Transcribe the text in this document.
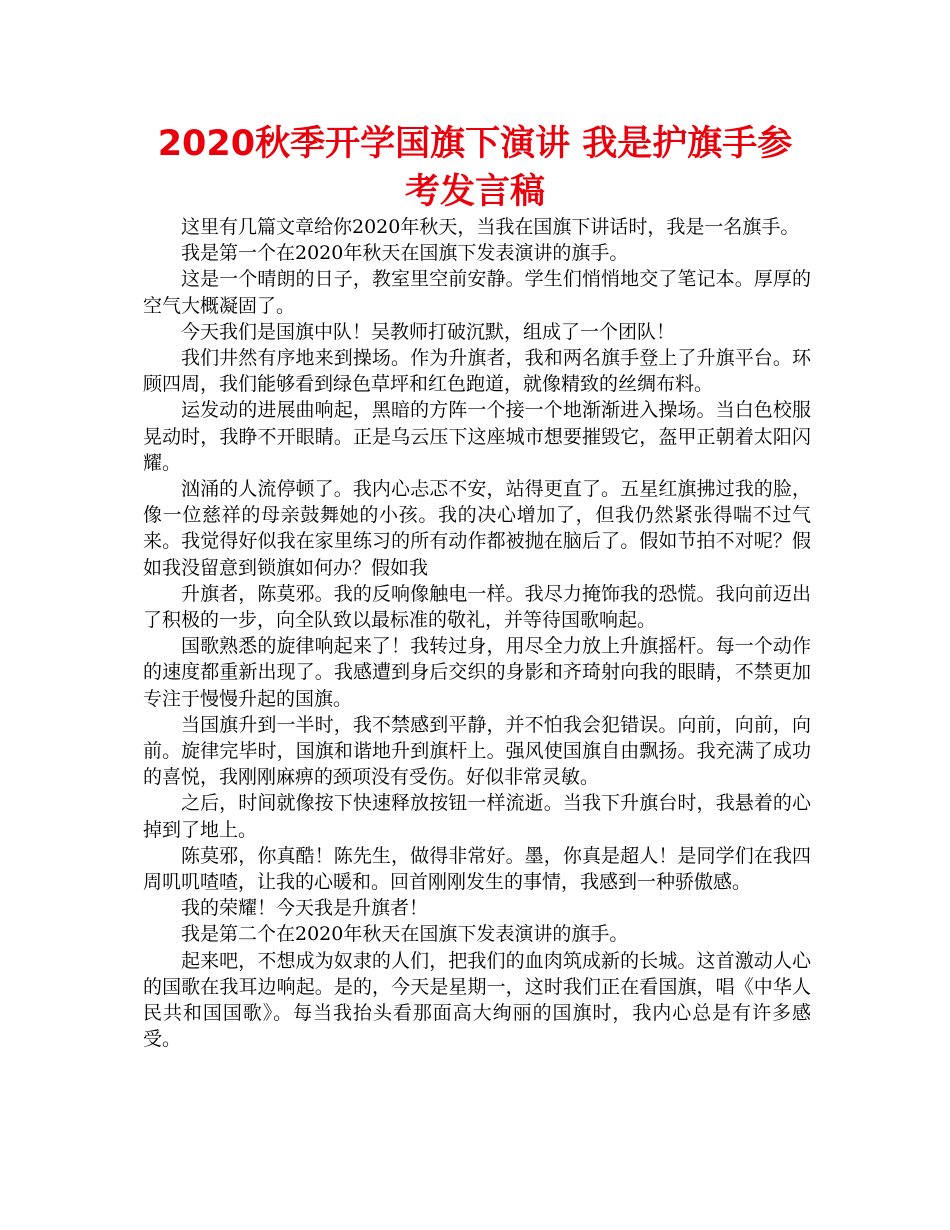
2020秋季开学国旗下演讲 我是护旗手参考发言稿

这里有几篇文章给你2020年秋天，当我在国旗下讲话时，我是一名旗手。

我是第一个在2020年秋天在国旗下发表演讲的旗手。

这是一个晴朗的日子，教室里空前安静。学生们悄悄地交了笔记本。厚厚的空气大概凝固了。

今天我们是国旗中队！吴教师打破沉默，组成了一个团队！

我们井然有序地来到操场。作为升旗者，我和两名旗手登上了升旗平台。环顾四周，我们能够看到绿色草坪和红色跑道，就像精致的丝绸布料。

运发动的进展曲响起，黑暗的方阵一个接一个地渐渐进入操场。当白色校服晃动时，我睁不开眼睛。正是乌云压下这座城市想要摧毁它，盔甲正朝着太阳闪耀。

汹涌的人流停顿了。我内心忐忑不安，站得更直了。五星红旗拂过我的脸，像一位慈祥的母亲鼓舞她的小孩。我的决心增加了，但我仍然紧张得喘不过气来。我觉得好似我在家里练习的所有动作都被抛在脑后了。假如节拍不对呢？假如我没留意到锁旗如何办？假如我

升旗者，陈莫邪。我的反响像触电一样。我尽力掩饰我的恐慌。我向前迈出了积极的一步，向全队致以最标准的敬礼，并等待国歌响起。

国歌熟悉的旋律响起来了！我转过身，用尽全力放上升旗摇杆。每一个动作的速度都重新出现了。我感遭到身后交织的身影和齐琦射向我的眼睛，不禁更加专注于慢慢升起的国旗。

当国旗升到一半时，我不禁感到平静，并不怕我会犯错误。向前，向前，向前。旋律完毕时，国旗和谐地升到旗杆上。强风使国旗自由飘扬。我充满了成功的喜悦，我刚刚麻痹的颈项没有受伤。好似非常灵敏。

之后，时间就像按下快速释放按钮一样流逝。当我下升旗台时，我悬着的心掉到了地上。

陈莫邪，你真酷！陈先生，做得非常好。墨，你真是超人！是同学们在我四周叽叽喳喳，让我的心暖和。回首刚刚发生的事情，我感到一种骄傲感。

我的荣耀！今天我是升旗者！

我是第二个在2020年秋天在国旗下发表演讲的旗手。

起来吧，不想成为奴隶的人们，把我们的血肉筑成新的长城。这首激动人心的国歌在我耳边响起。是的，今天是星期一，这时我们正在看国旗，唱《中华人民共和国国歌》。每当我抬头看那面高大绚丽的国旗时，我内心总是有许多感受。
